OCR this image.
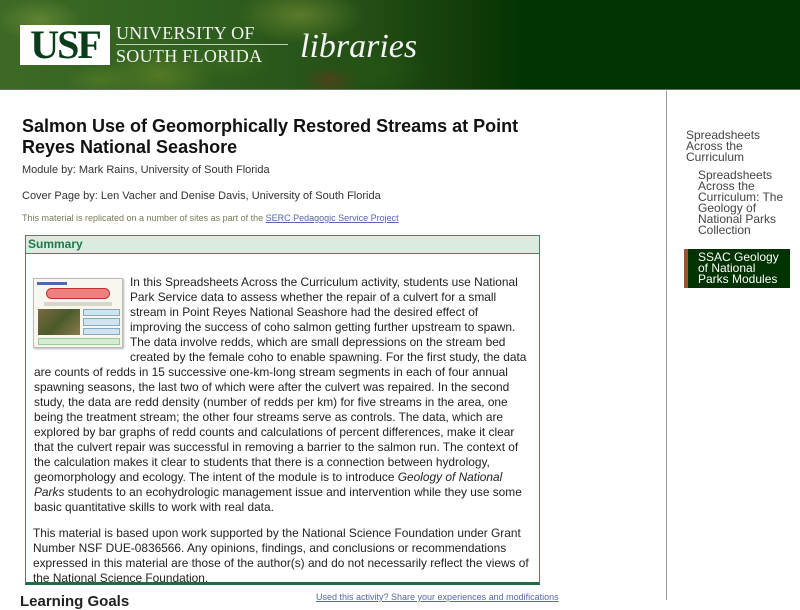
USF UNIVERSITY OF
SOUTH FLORIDA	libraries
Salmon Use of Geomorphically Restored Streams at Point Reyes National Seashore
Module by: Mark Rains, University of South Florida
Cover Page by: Len Vacher and Denise Davis, University of South Florida
This material is replicated on a number of sites as part of the SERC Pedagogic Service Project
Summary

In this Spreadsheets Across the Curriculum activity, students use National Park Service data to assess whether the repair of a culvert for a small stream in Point Reyes National Seashore had the desired effect of improving the success of coho salmon getting further upstream to spawn. The data involve redds, which are small depressions on the stream bed created by the female coho to enable spawning. For the first study, the data are counts of redds in 15 successive one-km-long stream segments in each of four annual spawning seasons, the last two of which were after the culvert was repaired. In the second study, the data are redd density (number of redds per km) for five streams in the area, one being the treatment stream; the other four streams serve as controls. The data, which are explored by bar graphs of redd counts and calculations of percent differences, make it clear that the culvert repair was successful in removing a barrier to the salmon run. The context of the calculation makes it clear to students that there is a connection between hydrology, geomorphology and ecology. The intent of the module is to introduce Geology of National Parks students to an ecohydrologic management issue and intervention while they use some basic quantitative skills to work with real data.

This material is based upon work supported by the National Science Foundation under Grant Number NSF DUE-0836566. Any opinions, findings, and conclusions or recommendations expressed in this material are those of the author(s) and do not necessarily reflect the views of the National Science Foundation.

Learning Goals	Used this activity? Share your experiences and modifications
Spreadsheets Across the Curriculum
Spreadsheets Across the Curriculum: The Geology of National Parks Collection
SSAC Geology of National Parks Modules
